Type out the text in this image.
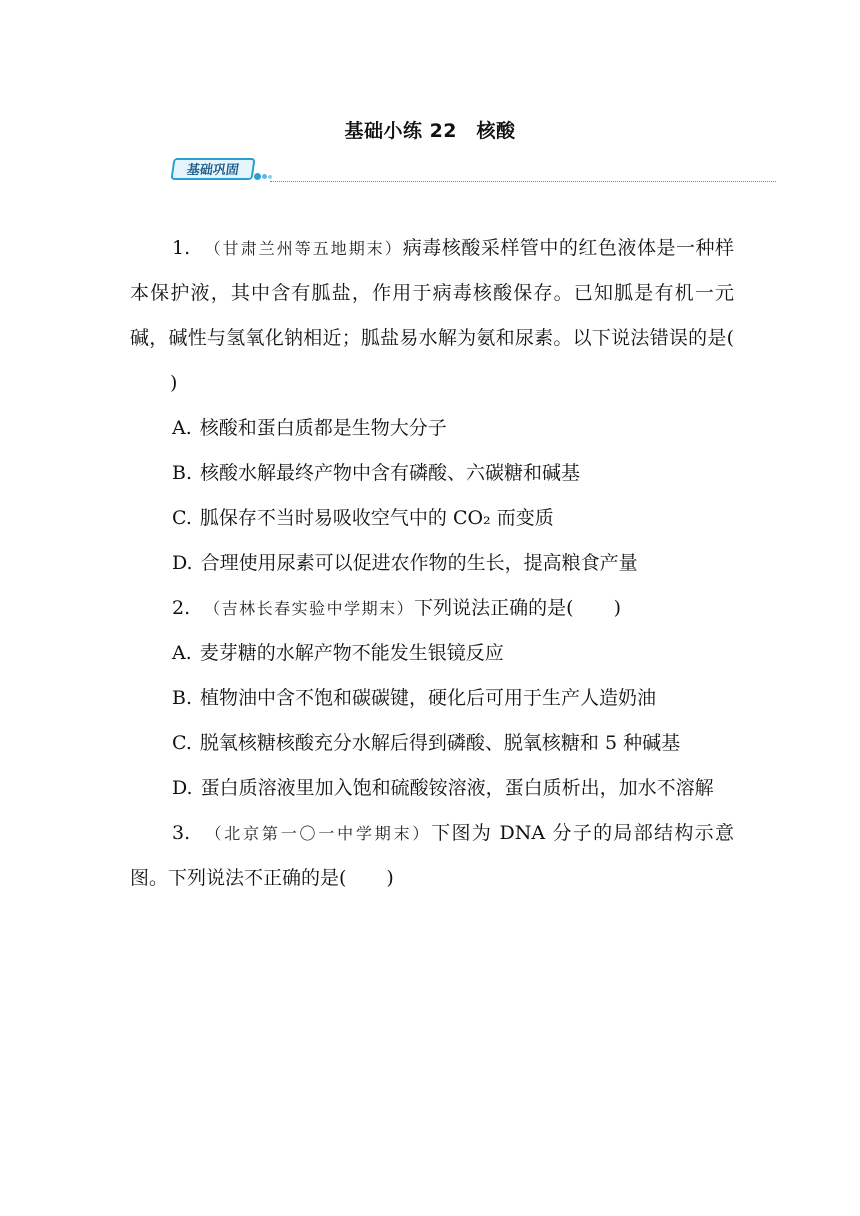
基础小练 22　核酸
基础巩固

1. （甘肃兰州等五地期末）病毒核酸采样管中的红色液体是一种样本保护液，其中含有胍盐，作用于病毒核酸保存。已知胍是有机一元碱，碱性与氢氧化钠相近；胍盐易水解为氨和尿素。以下说法错误的是()

A. 核酸和蛋白质都是生物大分子

B. 核酸水解最终产物中含有磷酸、六碳糖和碱基

C. 胍保存不当时易吸收空气中的 CO₂ 而变质

D. 合理使用尿素可以促进农作物的生长，提高粮食产量

2. （吉林长春实验中学期末）下列说法正确的是( )

A. 麦芽糖的水解产物不能发生银镜反应

B. 植物油中含不饱和碳碳键，硬化后可用于生产人造奶油

C. 脱氧核糖核酸充分水解后得到磷酸、脱氧核糖和 5 种碱基

D. 蛋白质溶液里加入饱和硫酸铵溶液，蛋白质析出，加水不溶解

3. （北京第一〇一中学期末）下图为 DNA 分子的局部结构示意图。下列说法不正确的是( )
